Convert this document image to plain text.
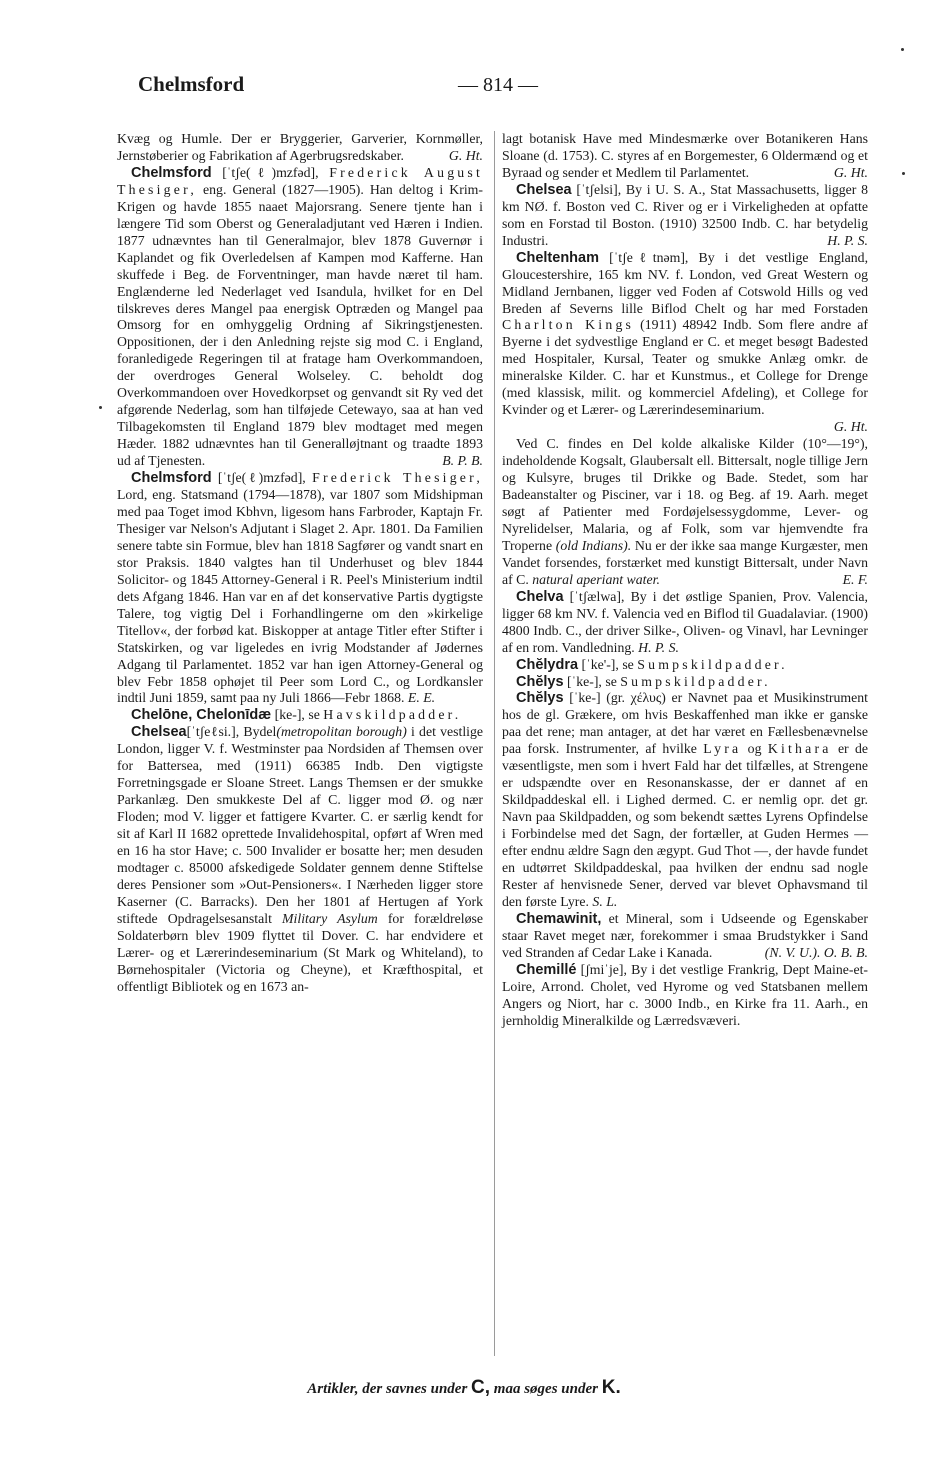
Chelmsford	— 814 —

Kvæg og Humle. Der er Bryggerier, Garverier, Kornmøller, Jernstøberier og Fabrikation af Agerbrugsredskaber.	G. Ht.

Chelmsford [ˈtʃe(ℓ)mzfəd], Frederick August Thesiger, eng. General (1827—1905). Han deltog i Krim-Krigen og havde 1855 naaet Majorsrang. Senere tjente han i længere Tid som Oberst og Generaladjutant ved Hæren i Indien. 1877 udnævntes han til Generalmajor, blev 1878 Guvernør i Kaplandet og fik Overledelsen af Kampen mod Kafferne. Han skuffede i Beg. de Forventninger, man havde næret til ham. Englænderne led Nederlaget ved Isandula, hvilket for en Del tilskreves deres Mangel paa energisk Optræden og Mangel paa Omsorg for en omhyggelig Ordning af Sikringstjenesten. Oppositionen, der i den Anledning rejste sig mod C. i England, foranledigede Regeringen til at fratage ham Overkommandoen, der overdroges General Wolseley. C. beholdt dog Overkommandoen over Hovedkorpset og genvandt sit Ry ved det afgørende Nederlag, som han tilføjede Cetewayo, saa at han ved Tilbagekomsten til England 1879 blev modtaget med megen Hæder. 1882 udnævntes han til Generalløjtnant og traadte 1893 ud af Tjenesten.	B. P. B.

Chelmsford [ˈtʃe(ℓ)mzfəd], Frederick Thesiger, Lord, eng. Statsmand (1794—1878), var 1807 som Midshipman med paa Toget imod Kbhvn, ligesom hans Farbroder, Kaptajn Fr. Thesiger var Nelson's Adjutant i Slaget 2. Apr. 1801. Da Familien senere tabte sin Formue, blev han 1818 Sagfører og vandt snart en stor Praksis. 1840 valgtes han til Underhuset og blev 1844 Solicitor- og 1845 Attorney-General i R. Peel's Ministerium indtil dets Afgang 1846. Han var en af det konservative Partis dygtigste Talere, tog vigtig Del i Forhandlingerne om den »kirkelige Titellov«, der forbød kat. Biskopper at antage Titler efter Stifter i Statskirken, og var ligeledes en ivrig Modstander af Jødernes Adgang til Parlamentet. 1852 var han igen Attorney-General og blev Febr 1858 ophøjet til Peer som Lord C., og Lordkansler indtil Juni 1859, samt paa ny Juli 1866—Febr 1868. E. E.

Chelōne, Chelonīdæ [ke-], se Havskildpadder.

Chelsea[ˈtʃeℓsi.], Bydel(metropolitan borough) i det vestlige London, ligger V. f. Westminster paa Nordsiden af Themsen over for Battersea, med (1911) 66385 Indb. Den vigtigste Forretningsgade er Sloane Street. Langs Themsen er der smukke Parkanlæg. Den smukkeste Del af C. ligger mod Ø. og nær Floden; mod V. ligger et fattigere Kvarter. C. er særlig kendt for sit af Karl II 1682 oprettede Invalidehospital, opført af Wren med en 16 ha stor Have; c. 500 Invalider er bosatte her; men desuden modtager c. 85000 afskedigede Soldater gennem denne Stiftelse deres Pensioner som »Out-Pensioners«. I Nærheden ligger store Kaserner (C. Barracks). Den her 1801 af Hertugen af York stiftede Opdragelsesanstalt Military Asylum for forældreløse Soldaterbørn blev 1909 flyttet til Dover. C. har endvidere et Lærer- og et Lærerindeseminarium (St Mark og Whiteland), to Børnehospitaler (Victoria og Cheyne), et Kræfthospital, et offentligt Bibliotek og en 1673 an-

lagt botanisk Have med Mindesmærke over Botanikeren Hans Sloane (d. 1753). C. styres af en Borgemester, 6 Oldermænd og et Byraad og sender et Medlem til Parlamentet.	G. Ht.

Chelsea [ˈtʃelsi], By i U. S. A., Stat Massachusetts, ligger 8 km NØ. f. Boston ved C. River og er i Virkeligheden at opfatte som en Forstad til Boston. (1910) 32500 Indb. C. har betydelig Industri.	H. P. S.

Cheltenham [ˈtʃeℓtnəm], By i det vestlige England, Gloucestershire, 165 km NV. f. London, ved Great Western og Midland Jernbanen, ligger ved Foden af Cotswold Hills og ved Breden af Severns lille Biflod Chelt og har med Forstaden Charlton Kings (1911) 48942 Indb. Som flere andre af Byerne i det sydvestlige England er C. et meget besøgt Badested med Hospitaler, Kursal, Teater og smukke Anlæg omkr. de mineralske Kilder. C. har et Kunstmus., et College for Drenge (med klassisk, milit. og kommerciel Afdeling), et College for Kvinder og et Lærer- og Lærerindeseminarium.

G. Ht.

Ved C. findes en Del kolde alkaliske Kilder (10°—19°), indeholdende Kogsalt, Glaubersalt ell. Bittersalt, nogle tillige Jern og Kulsyre, bruges til Drikke og Bade. Stedet, som har Badeanstalter og Pisciner, var i 18. og Beg. af 19. Aarh. meget søgt af Patienter med Fordøjelsessygdomme, Lever- og Nyrelidelser, Malaria, og af Folk, som var hjemvendte fra Troperne (old Indians). Nu er der ikke saa mange Kurgæster, men Vandet forsendes, forstærket med kunstigt Bittersalt, under Navn af C. natural aperiant water.	E. F.

Chelva [ˈtʃælwa], By i det østlige Spanien, Prov. Valencia, ligger 68 km NV. f. Valencia ved en Biflod til Guadalaviar. (1900) 4800 Indb. C., der driver Silke-, Oliven- og Vinavl, har Levninger af en rom. Vandledning. H. P. S.

Chĕlydra [ˈke'-], se Sumpskildpadder.

Chĕlys [ˈke-], se Sumpskildpadder.

Chĕlys [ˈke-] (gr. χέλυς) er Navnet paa et Musikinstrument hos de gl. Grækere, om hvis Beskaffenhed man ikke er ganske paa det rene; man antager, at det har været en Fællesbenævnelse paa forsk. Instrumenter, af hvilke Lyra og Kithara er de væsentligste, men som i hvert Fald har det tilfælles, at Strengene er udspændte over en Resonanskasse, der er dannet af en Skildpaddeskal ell. i Lighed dermed. C. er nemlig opr. det gr. Navn paa Skildpadden, og som bekendt sættes Lyrens Opfindelse i Forbindelse med det Sagn, der fortæller, at Guden Hermes — efter endnu ældre Sagn den ægypt. Gud Thot —, der havde fundet en udtørret Skildpaddeskal, paa hvilken der endnu sad nogle Rester af henvisnede Sener, derved var blevet Ophavsmand til den første Lyre. S. L.

Chemawinit, et Mineral, som i Udseende og Egenskaber staar Ravet meget nær, forekommer i smaa Brudstykker i Sand ved Stranden af Cedar Lake i Kanada.	(N. V. U.). O. B. B.

Chemillé [ʃmiˈje], By i det vestlige Frankrig, Dept Maine-et-Loire, Arrond. Cholet, ved Hyrome og ved Statsbanen mellem Angers og Niort, har c. 3000 Indb., en Kirke fra 11. Aarh., en jernholdig Mineralkilde og Lærredsvæveri.

Artikler, der savnes under C, maa søges under K.
